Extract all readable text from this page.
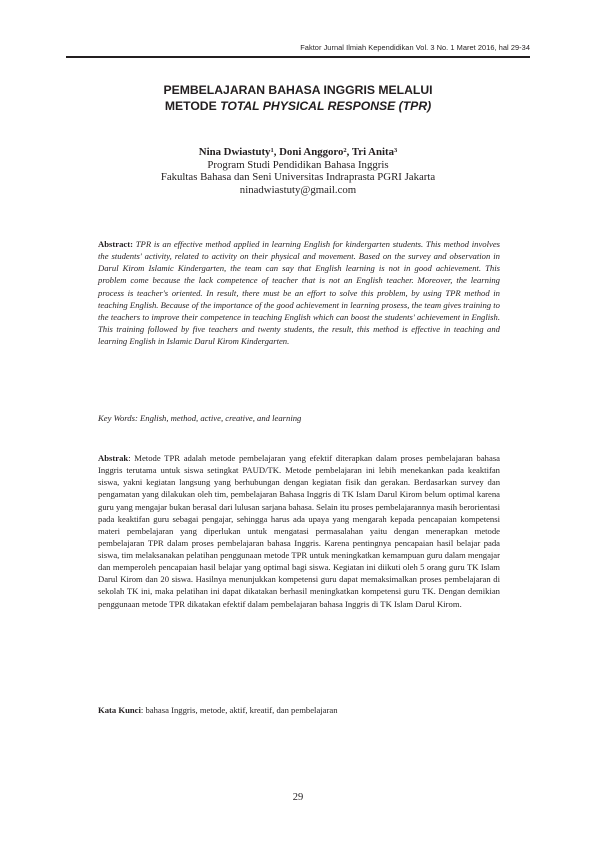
Faktor Jurnal Ilmiah Kependidikan Vol. 3 No. 1 Maret 2016, hal 29-34
PEMBELAJARAN BAHASA INGGRIS MELALUI
METODE TOTAL PHYSICAL RESPONSE (TPR)
Nina Dwiastuty$^1$, Doni Anggoro$^2$, Tri Anita$^3$
Program Studi Pendidikan Bahasa Inggris
Fakultas Bahasa dan Seni Universitas Indraprasta PGRI Jakarta
ninadwiastuty@gmail.com
Abstract: TPR is an effective method applied in learning English for kindergarten students. This method involves the students' activity, related to activity on their physical and movement. Based on the survey and observation in Darul Kirom Islamic Kindergarten, the team can say that English learning is not in good achievement. This problem come because the lack competence of teacher that is not an English teacher. Moreover, the learning process is teacher's oriented. In result, there must be an effort to solve this problem, by using TPR method in teaching English. Because of the importance of the good achievement in learning prosess, the team gives training to the teachers to improve their competence in teaching English which can boost the students' achievement in English. This training followed by five teachers and twenty students, the result, this method is effective in teaching and learning English in Islamic Darul Kirom Kindergarten.
Key Words: English, method, active, creative, and learning
Abstrak: Metode TPR adalah metode pembelajaran yang efektif diterapkan dalam proses pembelajaran bahasa Inggris terutama untuk siswa setingkat PAUD/TK. Metode pembelajaran ini lebih menekankan pada keaktifan siswa, yakni kegiatan langsung yang berhubungan dengan kegiatan fisik dan gerakan. Berdasarkan survey dan pengamatan yang dilakukan oleh tim, pembelajaran Bahasa Inggris di TK Islam Darul Kirom belum optimal karena guru yang mengajar bukan berasal dari lulusan sarjana bahasa. Selain itu proses pembelajarannya masih berorientasi pada keaktifan guru sebagai pengajar, sehingga harus ada upaya yang mengarah kepada pencapaian kompetensi materi pembelajaran yang diperlukan untuk mengatasi permasalahan yaitu dengan menerapkan metode pembelajaran TPR dalam proses pembelajaran bahasa Inggris. Karena pentingnya pencapaian hasil belajar pada siswa, tim melaksanakan pelatihan penggunaan metode TPR untuk meningkatkan kemampuan guru dalam mengajar dan memperoleh pencapaian hasil belajar yang optimal bagi siswa. Kegiatan ini diikuti oleh 5 orang guru TK Islam Darul Kirom dan 20 siswa. Hasilnya menunjukkan kompetensi guru dapat memaksimalkan proses pembelajaran di sekolah TK ini, maka pelatihan ini dapat dikatakan berhasil meningkatkan kompetensi guru TK. Dengan demikian penggunaan metode TPR dikatakan efektif dalam pembelajaran bahasa Inggris di TK Islam Darul Kirom.
Kata Kunci: bahasa Inggris, metode, aktif, kreatif, dan pembelajaran
29
